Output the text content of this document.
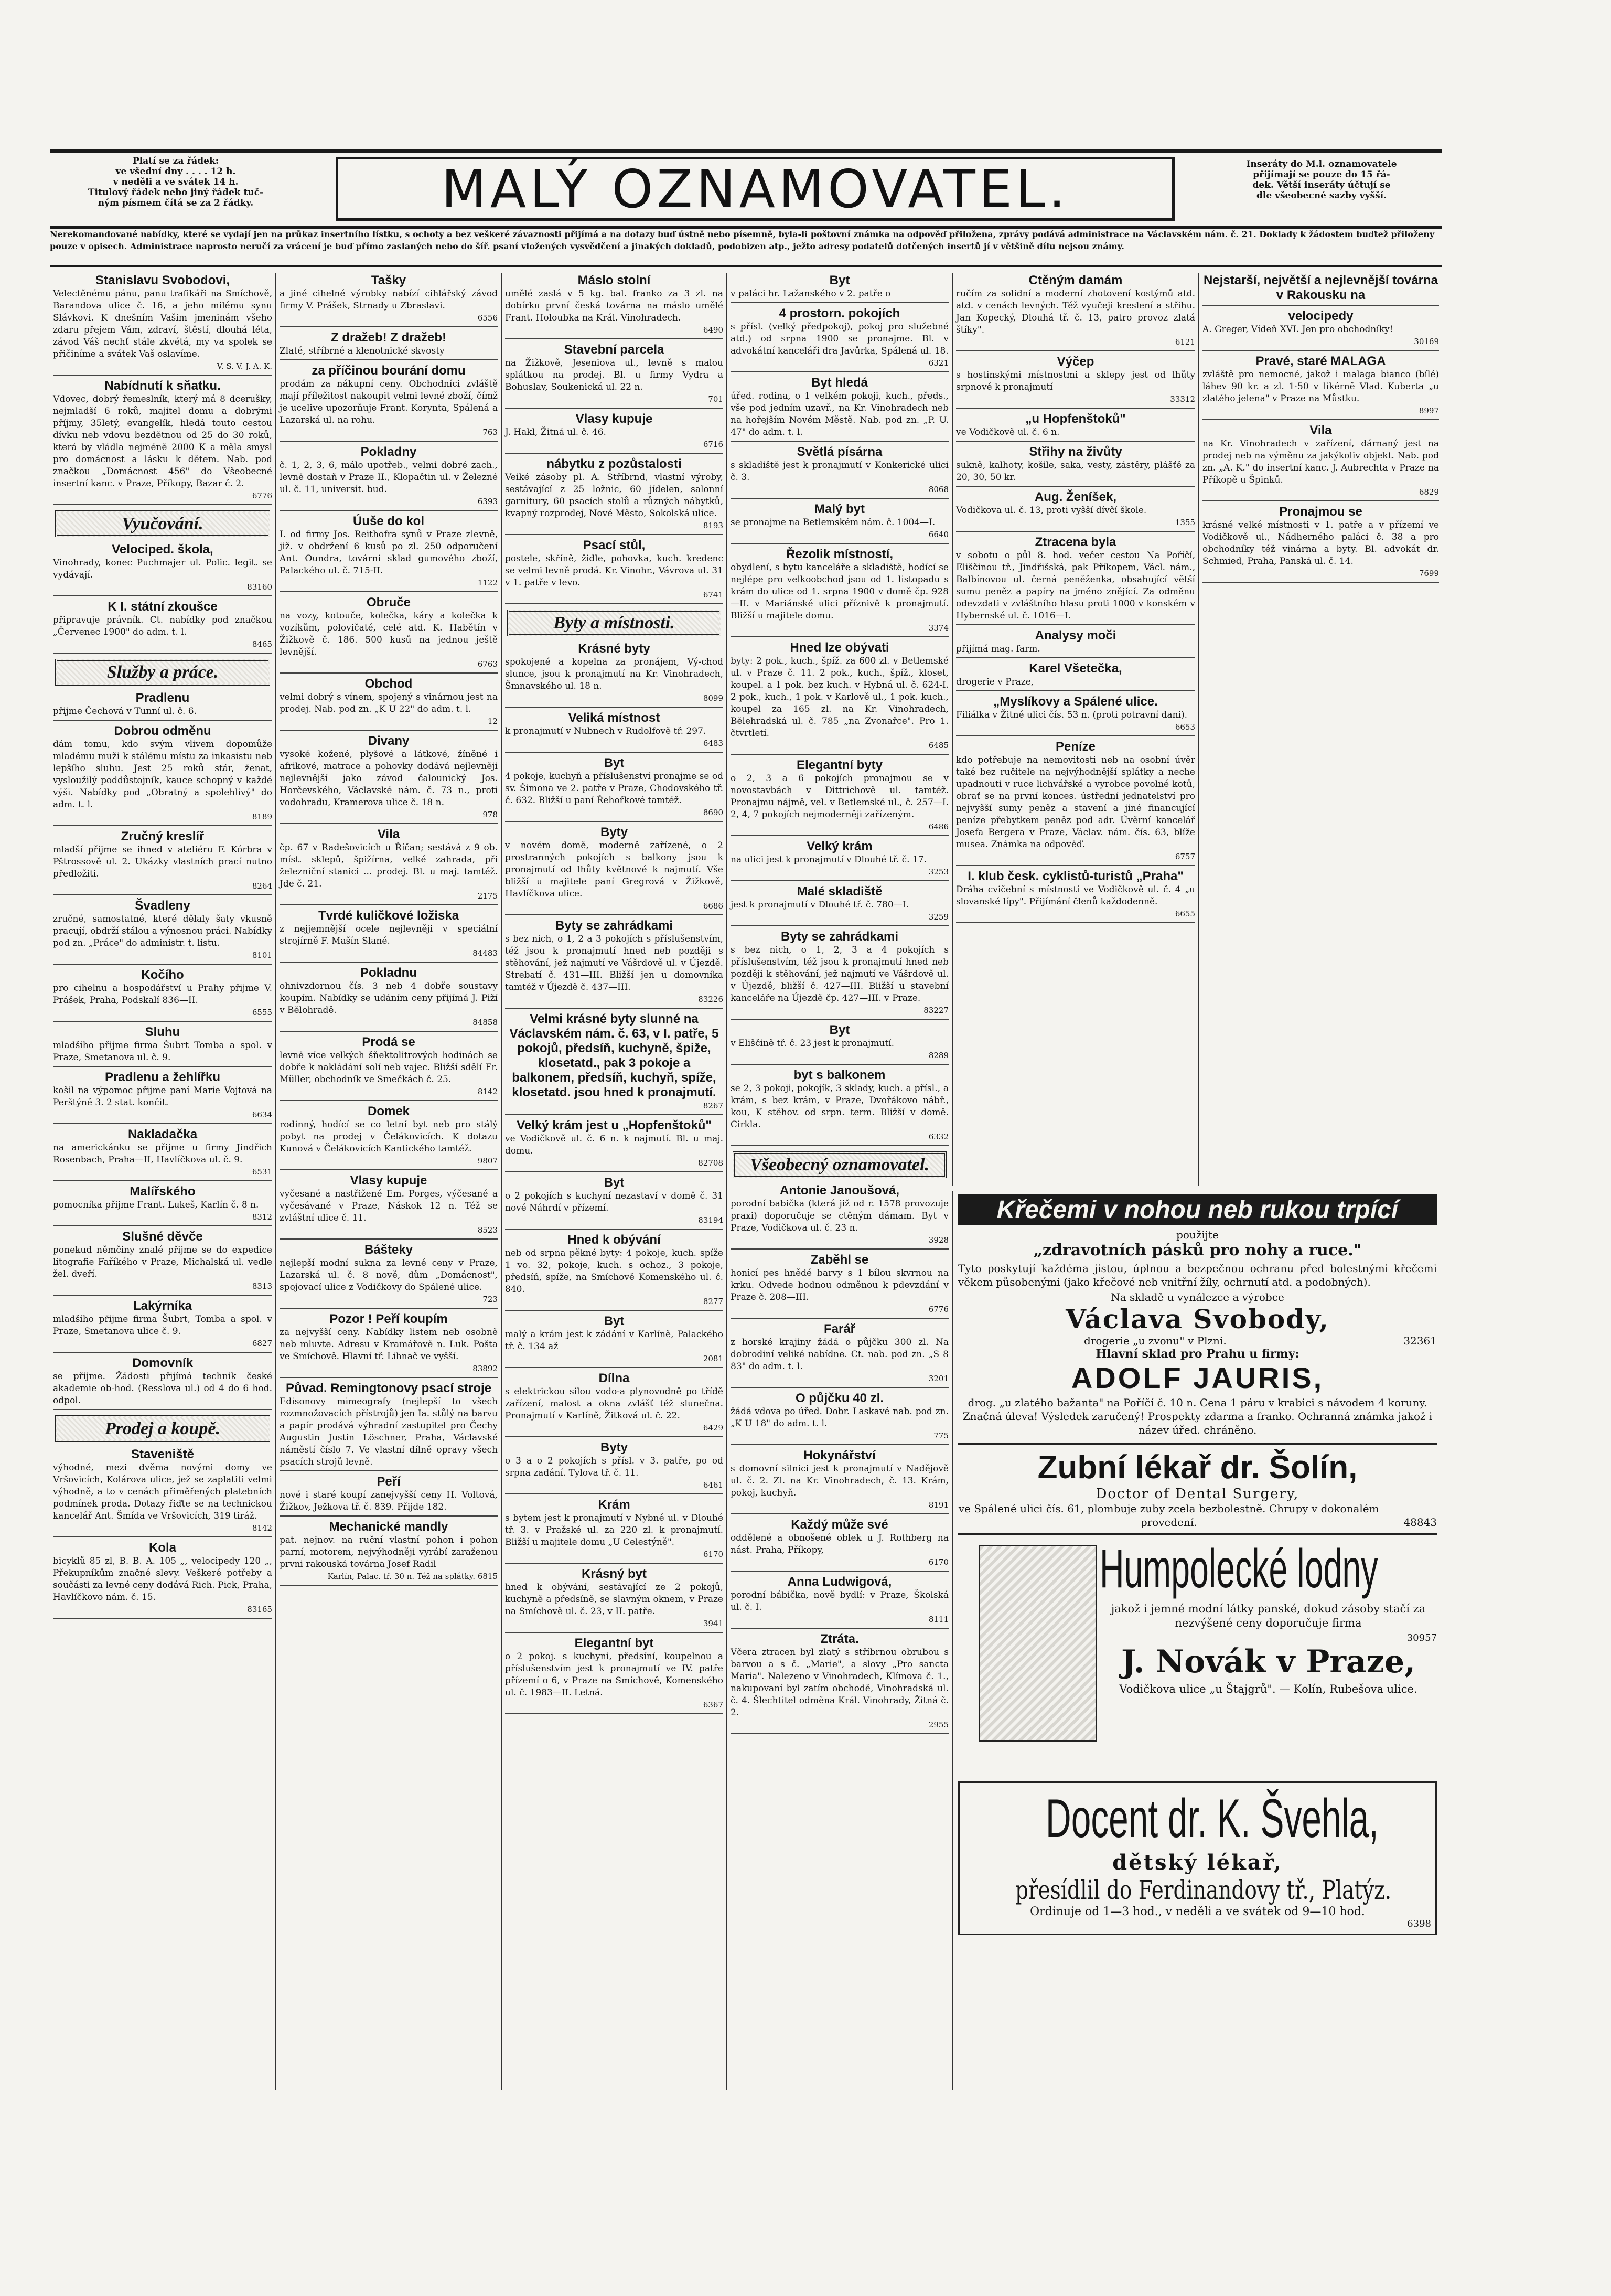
Platí se za řádek:
ve všední dny . . . . 12 h.
v neděli a ve svátek 14 h.
Titulový řádek nebo jiný řádek tuč-
ným písmem čítá se za 2 řádky.	MALÝ OZNAMOVATEL.	Inseráty do M.l. oznamovatele
přijímají se pouze do 15 řá-
dek. Větší inseráty účtují se
dle všeobecné sazby vyšší.
Nerekomandované nabídky, které se vydají jen na průkaz insertního lístku, s ochoty a bez veškeré závaznosti přijímá a na dotazy buď ústně nebo písemně, byla-li poštovní známka na odpověď přiložena, zprávy podává administrace na Václavském nám. č. 21. Doklady k žádostem buďtež přiloženy pouze v opisech. Administrace naprosto neručí za vrácení je buď přímo zaslaných nebo do šíř. psaní vložených vysvědčení a jinakých dokladů, podobizen atp., ježto adresy podatelů dotčených insertů jí v většině dílu nejsou známy.
Stanislavu Svobodovi,

Velectěnému pánu, panu trafikáři na Smíchově, Barandova ulice č. 16, a jeho milému synu Slávkovi. K dnešním Vašim jmeninám všeho zdaru přejem Vám, zdraví, štěstí, dlouhá léta, závod Váš nechť stále zkvétá, my va spolek se přičiníme a svátek Vaš oslavíme.

V. S. V. J. A. K.
Nabídnutí k sňatku.

Vdovec, dobrý řemeslník, který má 8 dcerušky, nejmladší 6 roků, majitel domu a dobrými příjmy, 35letý, evangelík, hledá touto cestou dívku neb vdovu bezdětnou od 25 do 30 roků, která by vládla nejméně 2000 K a měla smysl pro domácnost a lásku k dětem. Nab. pod značkou „Domácnost 456" do Všeobecné insertní kanc. v Praze, Příkopy, Bazar č. 2.

6776
Vyučování.
Velociped. škola,

Vinohrady, konec Puchmajer ul. Polic. legit. se vydávají.

83160
K I. státní zkoušce

připravuje právník. Ct. nabídky pod značkou „Červenec 1900" do adm. t. l.

8465
Služby a práce.
Pradlenu

přijme Čechová v Tunní ul. č. 6.

Dobrou odměnu

dám tomu, kdo svým vlivem dopomůže mladému muži k stálému místu za inkasistu neb lepšího sluhu. Jest 25 roků stár, ženat, vysloužilý poddůstojník, kauce schopný v každé výši. Nabídky pod „Obratný a spolehlivý" do adm. t. l.

8189
Zručný kreslíř

mladší přijme se ihned v ateliéru F. Kórbra v Pštrossově ul. 2. Ukázky vlastních prací nutno předložiti.

8264
Švadleny

zručné, samostatné, které dělaly šaty vkusně pracují, obdrží stálou a výnosnou práci. Nabídky pod zn. „Práce" do administr. t. listu.

8101
Kočího

pro cihelnu a hospodářství u Prahy přijme V. Prášek, Praha, Podskalí 836—II.

6555
Sluhu

mladšího přijme firma Šubrt Tomba a spol. v Praze, Smetanova ul. č. 9.

Pradlenu a žehlířku

košil na výpomoc přijme paní Marie Vojtová na Perštýně 3. 2 stat. končit.

6634
Nakladačka

na americkánku se přijme u firmy Jindřich Rosenbach, Praha—II, Havlíčkova ul. č. 9.

6531
Malířského

pomocníka přijme Frant. Lukeš, Karlín č. 8 n.

8312
Slušné děvče

ponekud němčiny znalé přijme se do expedice litografie Faříkého v Praze, Michalská ul. vedle žel. dveří.

8313
Lakýrníka

mladšího přijme firma Šubrt, Tomba a spol. v Praze, Smetanova ulice č. 9.

6827
Domovník

se přijme. Žádosti přijímá technik české akademie ob-hod. (Resslova ul.) od 4 do 6 hod. odpol.

Prodej a koupě.
Staveniště

výhodné, mezi dvěma novými domy ve Vršovicích, Kolárova ulice, jež se zaplatiti velmi výhodně, a to v cenách přiměřených platebních podmínek proda. Dotazy řiďte se na technickou kancelář Ant. Šmída ve Vršovicích, 319 tiráž.

8142
Kola

bicyklů 85 zl, B. B. A. 105 „, velocipedy 120 „, Překupníkům značné slevy. Veškeré potřeby a součásti za levné ceny dodává Rich. Pick, Praha, Havlíčkovo nám. č. 15.

83165
Tašky

a jiné cihelné výrobky nabízí cihlářský závod firmy V. Prášek, Strnady u Zbraslavi.

6556
Z dražeb! Z dražeb!

Zlaté, stříbrné a klenotnické skvosty

za příčinou bourání domu

prodám za nákupní ceny. Obchodníci zvláště mají příležitost nakoupit velmi levné zboží, čímž je ucelive upozorňuje Frant. Korynta, Spálená a Lazarská ul. na rohu.

763
Pokladny

č. 1, 2, 3, 6, málo upotřeb., velmi dobré zach., levně dostaň v Praze II., Klopačtin ul. v Železné ul. č. 11, universit. bud.

6393
Úuše do kol

I. od firmy Jos. Reithofra synů v Praze zlevně, již. v obdržení 6 kusů po zl. 250 odporučení Ant. Oundra, továrni sklad gumového zboží, Palackého ul. č. 715-II.

1122
Obruče

na vozy, kotouče, kolečka, káry a kolečka k vozíkům, polovičaté, celé atd. K. Habětín v Žižkově č. 186. 500 kusů na jednou ještě levnější.

6763
Obchod

velmi dobrý s vínem, spojený s vinárnou jest na prodej. Nab. pod zn. „K U 22" do adm. t. l.

12
Divany

vysoké kožené, plyšové a látkové, žíněné i afrikové, matrace a pohovky dodává nejlevněji nejlevnější jako závod čalounický Jos. Horčevského, Václavské nám. č. 73 n., proti vodohradu, Kramerova ulice č. 18 n.

978
Vila

čp. 67 v Radešovicích u Říčan; sestává z 9 ob. míst. sklepů, špižírna, velké zahrada, při železniční stanici ... prodej. Bl. u maj. tamtéž. Jde č. 21.

2175
Tvrdé kuličkové ložiska

z nejjemnější ocele nejlevněji v speciální strojírně F. Mašín Slané.

84483
Pokladnu

ohnivzdornou čís. 3 neb 4 dobře soustavy koupím. Nabídky se udáním ceny přijímá J. Piží v Bělohradě.

84858
Prodá se

levně více velkých šňektolitrových hodinách se dobře k nakládání solí neb vajec. Bližší sdělí Fr. Müller, obchodník ve Smečkách č. 25.

8142
Domek

rodinný, hodící se co letní byt neb pro stálý pobyt na prodej v Čelákovicích. K dotazu Kunová v Čelákovicích Kantického tamtéž.

9807
Vlasy kupuje

vyčesané a nastřižené Em. Porges, výčesané a vyčesávané v Praze, Náskok 12 n. Též se zvláštní ulice č. 11.

8523
Bášteky

nejlepší modní sukna za levné ceny v Praze, Lazarská ul. č. 8 nově, dům „Domácnost", spojovací ulice z Vodičkovy do Spálené ulice.

723
Pozor ! Peří koupím

za nejvyšší ceny. Nabídky listem neb osobně neb mluvte. Adresu v Kramářově n. Luk. Pošta ve Smíchově. Hlavní tř. Lihnač ve vyšší.

83892
Půvad. Remingtonovy psací stroje

Edisonovy mimeografy (nejlepší to všech rozmnožovacích přístrojů) jen Ia. stůlý na barvu a papír prodává výhradní zastupitel pro Čechy Augustin Justin Löschner, Praha, Václavské náměstí číslo 7. Ve vlastní dílně opravy všech psacích strojů levně.

Peří

nové i staré koupí zanejvyšší ceny H. Voltová, Žižkov, Ježkova tř. č. 839. Přijde 182.

Mechanické mandly

pat. nejnov. na ruční vlastní pohon i pohon parní, motorem, nejvýhodněji vyrábí zaraženou prvni rakouská továrna Josef Radil

Karlín, Palac. tř. 30 n. Též na splátky. 6815
Máslo stolní

umělé zaslá v 5 kg. bal. franko za 3 zl. na dobírku první česká továrna na máslo umělé Frant. Holoubka na Král. Vinohradech.

6490
Stavební parcela

na Žižkově, Jeseniova ul., levně s malou splátkou na prodej. Bl. u firmy Vydra a Bohuslav, Soukenická ul. 22 n.

701
Vlasy kupuje

J. Hakl, Žitná ul. č. 46.

6716
nábytku z pozůstalosti

Veiké zásoby pl. A. Stříbrnd, vlastní výroby, sestávající z 25 ložnic, 60 jídelen, salonní garnitury, 60 psacích stolů a různých nábytků, kvapný rozprodej, Nové Město, Sokolská ulice.

8193
Psací stůl,

postele, skříně, židle, pohovka, kuch. kredenc se velmi levně prodá. Kr. Vinohr., Vávrova ul. 31 v 1. patře v levo.

6741
Byty a místnosti.
Krásné byty

spokojené a kopelna za pronájem, Vý-chod slunce, jsou k pronajmutí na Kr. Vinohradech, Šmnavského ul. 18 n.

8099
Veliká místnost

k pronajmutí v Nubnech v Rudolfově tř. 297.

6483
Byt

4 pokoje, kuchyň a příslušenství pronajme se od sv. Šimona ve 2. patře v Praze, Chodovského tř. č. 632. Bližší u paní Řehořkové tamtéž.

8690
Byty

v novém domě, moderně zařízené, o 2 prostranných pokojích s balkony jsou k pronajmutí od lhůty květnové k najmutí. Vše bližší u majitele paní Gregrová v Žižkově, Havlíčkova ulice.

6686
Byty se zahrádkami

s bez nich, o 1, 2 a 3 pokojích s příslušenstvím, též jsou k pronajmutí hned neb později s stěhování, jež najmutí ve Vášrdově ul. v Újezdě. Strebatí č. 431—III. Bližší jen u domovníka tamtéž v Újezdě č. 437—III.

83226
Velmi krásné byty slunné na Václavském nám. č. 63, v I. patře, 5 pokojů, předsíň, kuchyně, špiže, klosetatd., pak 3 pokoje a balkonem, předsíň, kuchyň, spíže, klosetatd. jsou hned k pronajmutí.
8267
Velký krám jest u „Hopfenštoků"

ve Vodičkově ul. č. 6 n. k najmutí. Bl. u maj. domu.

82708
Byt

o 2 pokojích s kuchyní nezastaví v domě č. 31 nové Náhrdí v přízemí.

83194
Hned k obývání

neb od srpna pěkné byty: 4 pokoje, kuch. spíže 1 vo. 32, pokoje, kuch. s ochoz., 3 pokoje, předsíň, spíže, na Smíchově Komenského ul. č. 840.

8277
Byt

malý a krám jest k zádání v Karlíně, Palackého tř. č. 134 až

2081
Dílna

s elektrickou silou vodo-a plynovodně po třídě zařízení, malost a okna zvlášť též slunečna. Pronajmutí v Karlíně, Žitková ul. č. 22.

6429
Byty

o 3 a o 2 pokojích s přísl. v 3. patře, po od srpna zadání. Tylova tř. č. 11.

6461
Krám

s bytem jest k pronajmutí v Nybné ul. v Dlouhé tř. 3. v Pražské ul. za 220 zl. k pronajmutí. Bližší u majitele domu „U Celestýně".

6170
Krásný byt

hned k obývání, sestávající ze 2 pokojů, kuchyně a předsíně, se slavným oknem, v Praze na Smíchově ul. č. 23, v II. patře.

3941
Elegantní byt

o 2 pokoj. s kuchyni, předsíní, koupelnou a příslušenstvím jest k pronajmutí ve IV. patře přízemí o 6, v Praze na Smíchově, Komenského ul. č. 1983—II. Letná.

6367
Byt

v paláci hr. Lažanského v 2. patře o

4 prostorn. pokojích

s přísl. (velký předpokoj), pokoj pro služebné atd.) od srpna 1900 se pronajme. Bl. v advokátní kanceláři dra Javůrka, Spálená ul. 18.

6321
Byt hledá

úřed. rodina, o 1 velkém pokoji, kuch., předs., vše pod jedním uzavř., na Kr. Vinohradech neb na hořejším Novém Městě. Nab. pod zn. „P. U. 47" do adm. t. l.

Světlá písárna

s skladiště jest k pronajmutí v Konkerické ulici č. 3.

8068
Malý byt

se pronajme na Betlemském nám. č. 1004—I.

6640
Řezolik místností,

obydlení, s bytu kanceláře a skladiště, hodící se nejlépe pro velkoobchod jsou od 1. listopadu s krám do ulice od 1. srpna 1900 v domě čp. 928—II. v Mariánské ulici příznivě k pronajmutí. Bližší u majitele domu.

3374
Hned lze obývati

byty: 2 pok., kuch., špíž. za 600 zl. v Betlemské ul. v Praze č. 11. 2 pok., kuch., špíž., kloset, koupel. a 1 pok. bez kuch. v Hybná ul. č. 624-I. 2 pok., kuch., 1 pok. v Karlově ul., 1 pok. kuch., koupel za 165 zl. na Kr. Vinohradech, Bělehradská ul. č. 785 „na Zvonařce". Pro 1. čtvrtletí.

6485
Elegantní byty

o 2, 3 a 6 pokojích pronajmou se v novostavbách v Dittrichově ul. tamtéž. Pronajmu nájmě, vel. v Betlemské ul., č. 257—I. 2, 4, 7 pokojích nejmoderněji zařízeným.

6486
Velký krám

na ulici jest k pronajmutí v Dlouhé tř. č. 17.

3253
Malé skladiště

jest k pronajmutí v Dlouhé tř. č. 780—I.

3259
Byty se zahrádkami

s bez nich, o 1, 2, 3 a 4 pokojích s příslušenstvím, též jsou k pronajmutí hned neb později k stěhování, jež najmutí ve Vášrdově ul. v Újezdě, bližší č. 427—III. Bližší u stavební kanceláře na Újezdě čp. 427—III. v Praze.

83227
Byt

v Eliščině tř. č. 23 jest k pronajmutí.

8289
byt s balkonem

se 2, 3 pokoji, pokojík, 3 sklady, kuch. a přísl., a krám, s bez krám, v Praze, Dvořákovo nábř., kou, K stěhov. od srpn. term. Bližší v domě. Cirkla.

6332
Všeobecný oznamovatel.
Antonie Janoušová,

porodní babička (která již od r. 1578 provozuje praxi) doporučuje se ctěným dámam. Byt v Praze, Vodičkova ul. č. 23 n.

3928
Zaběhl se

honicí pes hnědé barvy s 1 bílou skvrnou na krku. Odvede hodnou odměnou k pdevzdání v Praze č. 208—III.

6776
Farář

z horské krajiny žádá o půjčku 300 zl. Na dobrodiní veliké nabídne. Ct. nab. pod zn. „S 8 83" do adm. t. l.

3201
O půjčku 40 zl.

žádá vdova po úřed. Dobr. Laskavé nab. pod zn. „K U 18" do adm. t. l.

775
Hokynářství

s domovní silnici jest k pronajmutí v Nadějově ul. č. 2. Zl. na Kr. Vinohradech, č. 13. Krám, pokoj, kuchyň.

8191
Každý může své

oddělené a obnošené oblek u J. Rothberg na nást. Praha, Příkopy,

6170
Anna Ludwigová,

porodní bábička, nově bydlí: v Praze, Školská ul. č. I.

8111
Ztráta.

Včera ztracen byl zlatý s stříbrnou obrubou s barvou a s č. „Marie", a slovy „Pro sancta Maria". Nalezeno v Vinohradech, Klímova č. 1., nakupovaní byl zatím obchodě, Vinohradská ul. č. 4. Šlechtitel odměna Král. Vinohrady, Žitná č. 2.

2955
Ctěným damám

ručím za solidní a moderní zhotovení kostýmů atd. atd. v cenách levných. Též vyučeji kreslení a střihu. Jan Kopecký, Dlouhá tř. č. 13, patro provoz zlatá štíky".

6121
Výčep

s hostinskými místnostmi a sklepy jest od lhůty srpnové k pronajmutí

33312
„u Hopfenštoků"

ve Vodičkově ul. č. 6 n.

Střihy na živůty

sukně, kalhoty, košile, saka, vesty, zástěry, plášťě za 20, 30, 50 kr.

Aug. Ženíšek,

Vodičkova ul. č. 13, proti vyšší dívčí škole.

1355
Ztracena byla

v sobotu o půl 8. hod. večer cestou Na Poříčí, Eliščinou tř., Jindřišská, pak Příkopem, Václ. nám., Balbínovou ul. černá peněženka, obsahující větší sumu peněz a papíry na jméno znějící. Za odměnu odevzdati v zvláštního hlasu proti 1000 v konském v Hybernské ul. č. 1016—I.

Analysy moči

přijímá mag. farm.

Karel Všetečka,

drogerie v Praze,

„Myslíkovy a Spálené ulice.

Filiálka v Žitné ulici čís. 53 n. (proti potravní dani).

6653
Peníze

kdo potřebuje na nemovitosti neb na osobní úvěr také bez ručitele na nejvýhodnější splátky a neche upadnouti v ruce lichvářské a vyrobce povolné kotů, obrať se na první konces. ústřední jednatelství pro nejvyšší sumy peněz a stavení a jiné financující peníze přebytkem peněz pod adr. Úvěrní kancelář Josefa Bergera v Praze, Václav. nám. čís. 63, blíže musea. Známka na odpověď.

6757
I. klub česk. cyklistů-turistů „Praha"

Dráha cvičební s místností ve Vodičkově ul. č. 4 „u slovanské lípy". Přijímání členů každodenně.

6655
Nejstarší, největší a nejlevnější továrna v Rakousku na
velocipedy

A. Greger, Vídeň XVI. Jen pro obchodníky!

30169
Pravé, staré MALAGA

zvláště pro nemocné, jakož i malaga bianco (bílé) láhev 90 kr. a zl. 1·50 v likérně Vlad. Kuberta „u zlatého jelena" v Praze na Můstku.

8997
Vila

na Kr. Vinohradech v zařízení, dárnaný jest na prodej neb na výměnu za jakýkoliv objekt. Nab. pod zn. „A. K." do insertní kanc. J. Aubrechta v Praze na Příkopě u Špinků.

6829
Pronajmou se

krásné velké místnosti v 1. patře a v přízemí ve Vodičkově ul., Nádherného paláci č. 38 a pro obchodníky též vinárna a byty. Bl. advokát dr. Schmied, Praha, Panská ul. č. 14.

7699
Křečemi v nohou neb rukou trpící
použijte
„zdravotních pásků pro nohy a ruce."

Tyto poskytují každéma jistou, úplnou a bezpečnou ochranu před bolestnými křečemi věkem působenými (jako křečové neb vnitřní žíly, ochrnutí atd. a podobných).

Na skladě u vynálezce a výrobce
Václava Svobody,
drogerie „u zvonu" v Plzni.	32361
Hlavní sklad pro Prahu u firmy:
ADOLF JAURIS,

drog. „u zlatého bažanta" na Poříčí č. 10 n. Cena 1 páru v krabici s návodem 4 koruny. Značná úleva! Výsledek zaručený! Prospekty zdarma a franko. Ochranná známka jakož i název úřed. chráněno.

Zubní lékař dr. Šolín,
Doctor of Dental Surgery,
ve Spálené ulici čís. 61, plombuje zuby zcela bezbolestně. Chrupy v dokonalém provedení.	48843
Humpolecké lodny

jakož i jemné modní látky panské, dokud zásoby stačí za nezvýšené ceny doporučuje firma

30957
J. Novák v Praze,

Vodičkova ulice „u Štajgrů". — Kolín, Rubešova ulice.

Docent dr. K. Švehla,
dětský lékař,
přesídlil do Ferdinandovy tř., Platýz.
Ordinuje od 1—3 hod., v neděli a ve svátek od 9—10 hod.
6398
